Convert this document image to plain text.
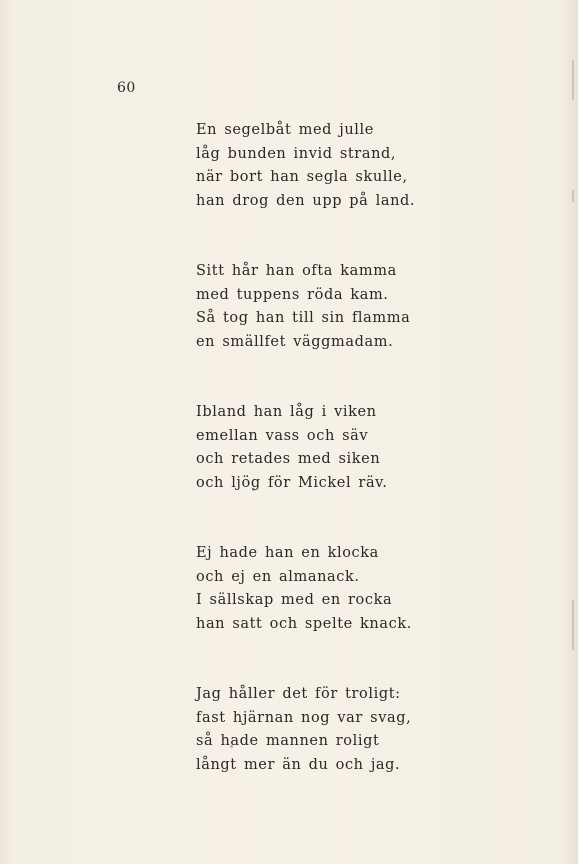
60
En segelbåt med julle
låg bunden invid strand,
när bort han segla skulle,
han drog den upp på land.
Sitt hår han ofta kamma
med tuppens röda kam.
Så tog han till sin flamma
en smällfet väggmadam.
Ibland han låg i viken
emellan vass och säv
och retades med siken
och ljög för Mickel räv.
Ej hade han en klocka
och ej en almanack.
I sällskap med en rocka
han satt och spelte knack.
Jag håller det för troligt:
fast hjärnan nog var svag,
så hade mannen roligt
långt mer än du och jag.
